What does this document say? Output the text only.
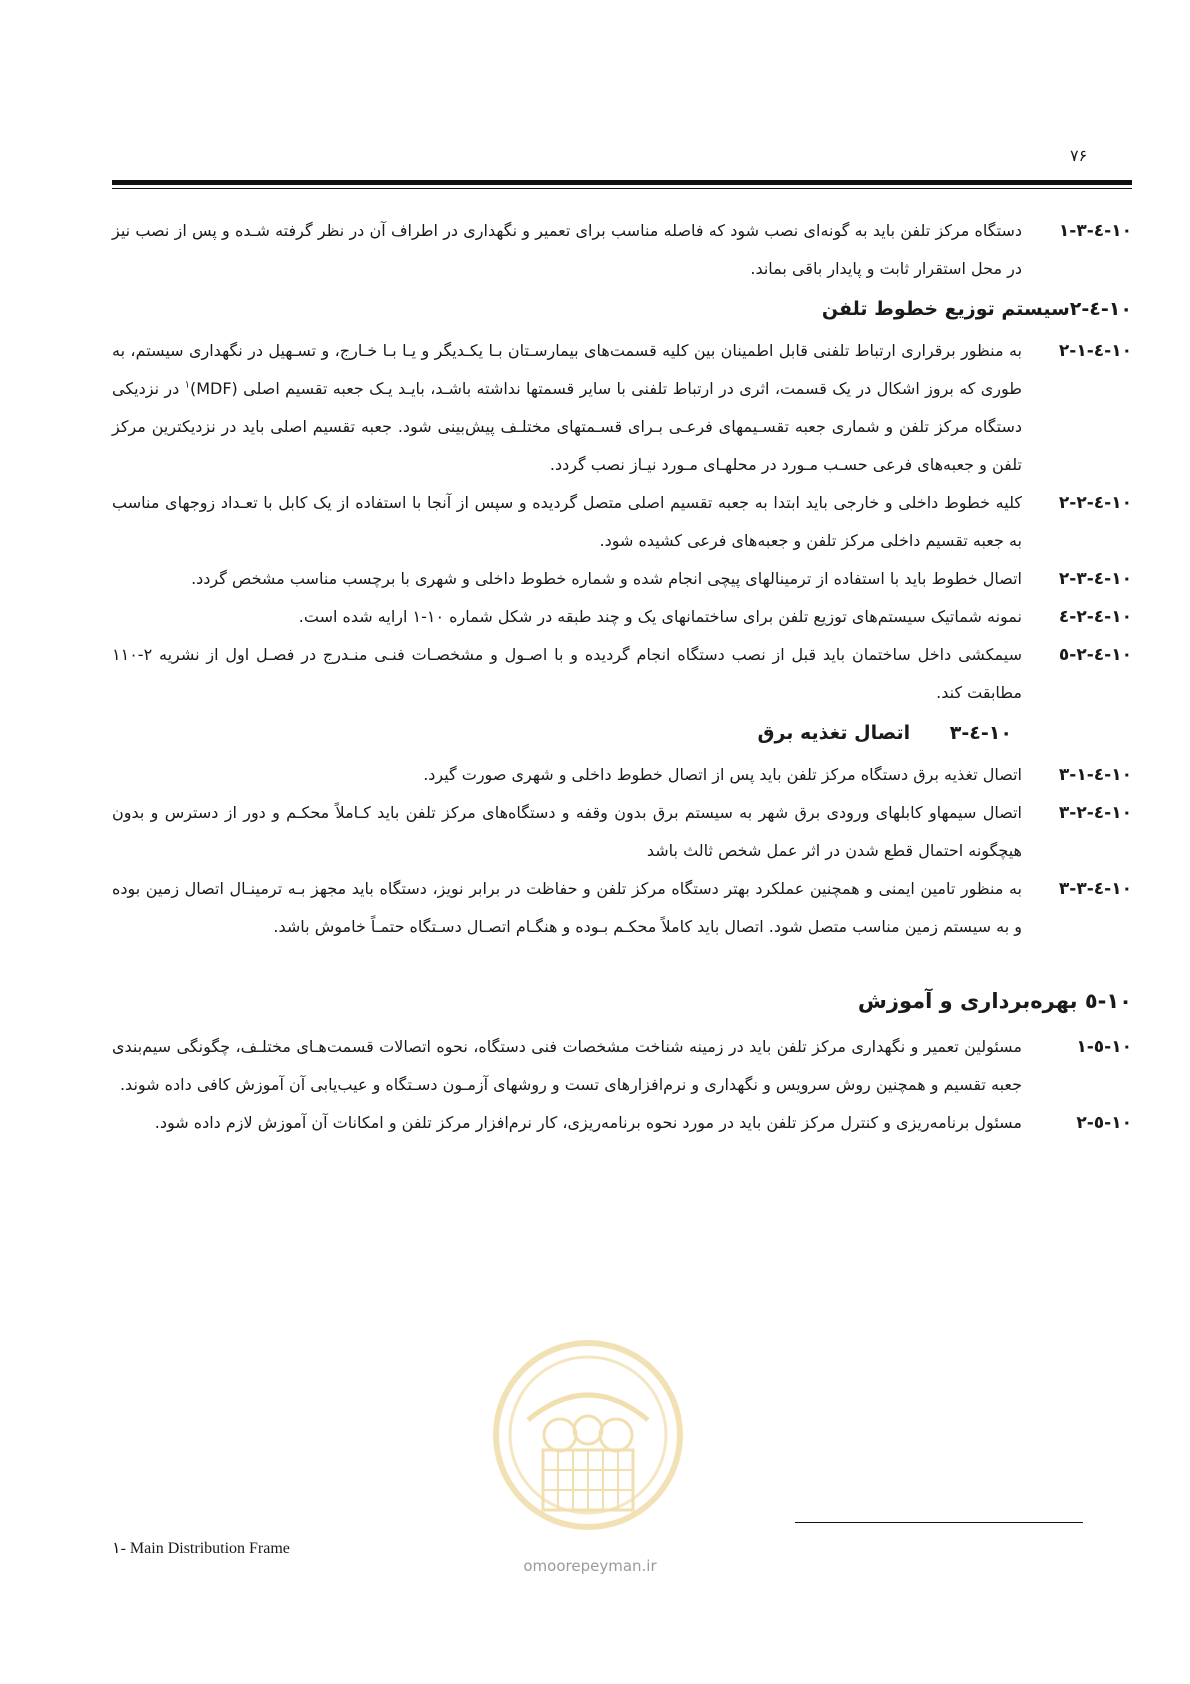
۷۶
۱۰-٤-۱-۳
دستگاه مرکز تلفن باید به گونه‌ای نصب شود که فاصله مناسب برای تعمیر و نگهداری در اطراف آن در نظر گرفته شـده و پس از نصب نیز در محل استقرار ثابت و پایدار باقی بماند.
۱۰-٤-۲سیستم توزیع خطوط تلفن
۱۰-٤-۲-۱
به منظور برقراری ارتباط تلفنی قابل اطمینان بین کلیه قسمت‌های بیمارسـتان بـا یکـدیگر و یـا بـا خـارج، و تسـهیل در نگهداری سیستم، به طوری که بروز اشکال در یک قسمت، اثری در ارتباط تلفنی با سایر قسمتها نداشته باشـد، بایـد یـک جعبه تقسیم اصلی (MDF)$^۱$ در نزدیکی دستگاه مرکز تلفن و شماری جعبه تقسـیمهای فرعـی بـرای قسـمتهای مختلـف پیش‌بینی شود. جعبه تقسیم اصلی باید در نزدیکترین مرکز تلفن و جعبه‌های فرعی حسـب مـورد در محلهـای مـورد نیـاز نصب گردد.
۱۰-٤-۲-۲
کلیه خطوط داخلی و خارجی باید ابتدا به جعبه تقسیم اصلی متصل گردیده و سپس از آنجا با استفاده از یک کابل با تعـداد زوجهای مناسب به جعبه تقسیم داخلی مرکز تلفن و جعبه‌های فرعی کشیده شود.
۱۰-٤-۲-۳
اتصال خطوط باید با استفاده از ترمینالهای پیچی انجام شده و شماره خطوط داخلی و شهری با برچسب مناسب مشخص گردد.
۱۰-٤-۲-٤
نمونه شماتیک سیستم‌های توزیع تلفن برای ساختمانهای یک و چند طبقه در شکل شماره ۱۰-۱ ارایه شده است.
۱۰-٤-۲-٥
سیمکشی داخل ساختمان باید قبل از نصب دستگاه انجام گردیده و با اصـول و مشخصـات فنـی منـدرج در فصـل اول از نشریه ۲-۱۱۰ مطابقت کند.
۱۰-٤-۳      اتصال تغذیه برق
۱۰-٤-۳-۱
اتصال تغذیه برق دستگاه مرکز تلفن باید پس از اتصال خطوط داخلی و شهری صورت گیرد.
۱۰-٤-۳-۲
اتصال سیمهاو کابلهای ورودی برق شهر به سیستم برق بدون وقفه و دستگاه‌های مرکز تلفن باید کـاملاً محکـم و دور از دسترس و بدون هیچگونه احتمال قطع شدن در اثر عمل شخص ثالث باشد
۱۰-٤-۳-۳
به منظور تامین ایمنی و همچنین عملکرد بهتر دستگاه مرکز تلفن و حفاظت در برابر نویز، دستگاه باید مجهز بـه ترمینـال اتصال زمین بوده و به سیستم زمین مناسب متصل شود. اتصال باید کاملاً محکـم بـوده و هنگـام اتصـال دسـتگاه حتمـاً خاموش باشد.
۱۰-٥ بهره‌برداری و آموزش
۱۰-٥-۱
مسئولین تعمیر و نگهداری مرکز تلفن باید در زمینه شناخت مشخصات فنی دستگاه، نحوه اتصالات قسمت‌هـای مختلـف، چگونگی سیم‌بندی جعبه تقسیم و همچنین روش سرویس و نگهداری و نرم‌افزارهای تست و روشهای آزمـون دسـتگاه و عیب‌یابی آن آموزش کافی داده شوند.
۱۰-٥-۲
مسئول برنامه‌ریزی و کنترل مرکز تلفن باید در مورد نحوه برنامه‌ریزی، کار نرم‌افزار مرکز تلفن و امکانات آن آموزش لازم داده شود.
omoorepeyman.ir
۱- Main Distribution Frame
